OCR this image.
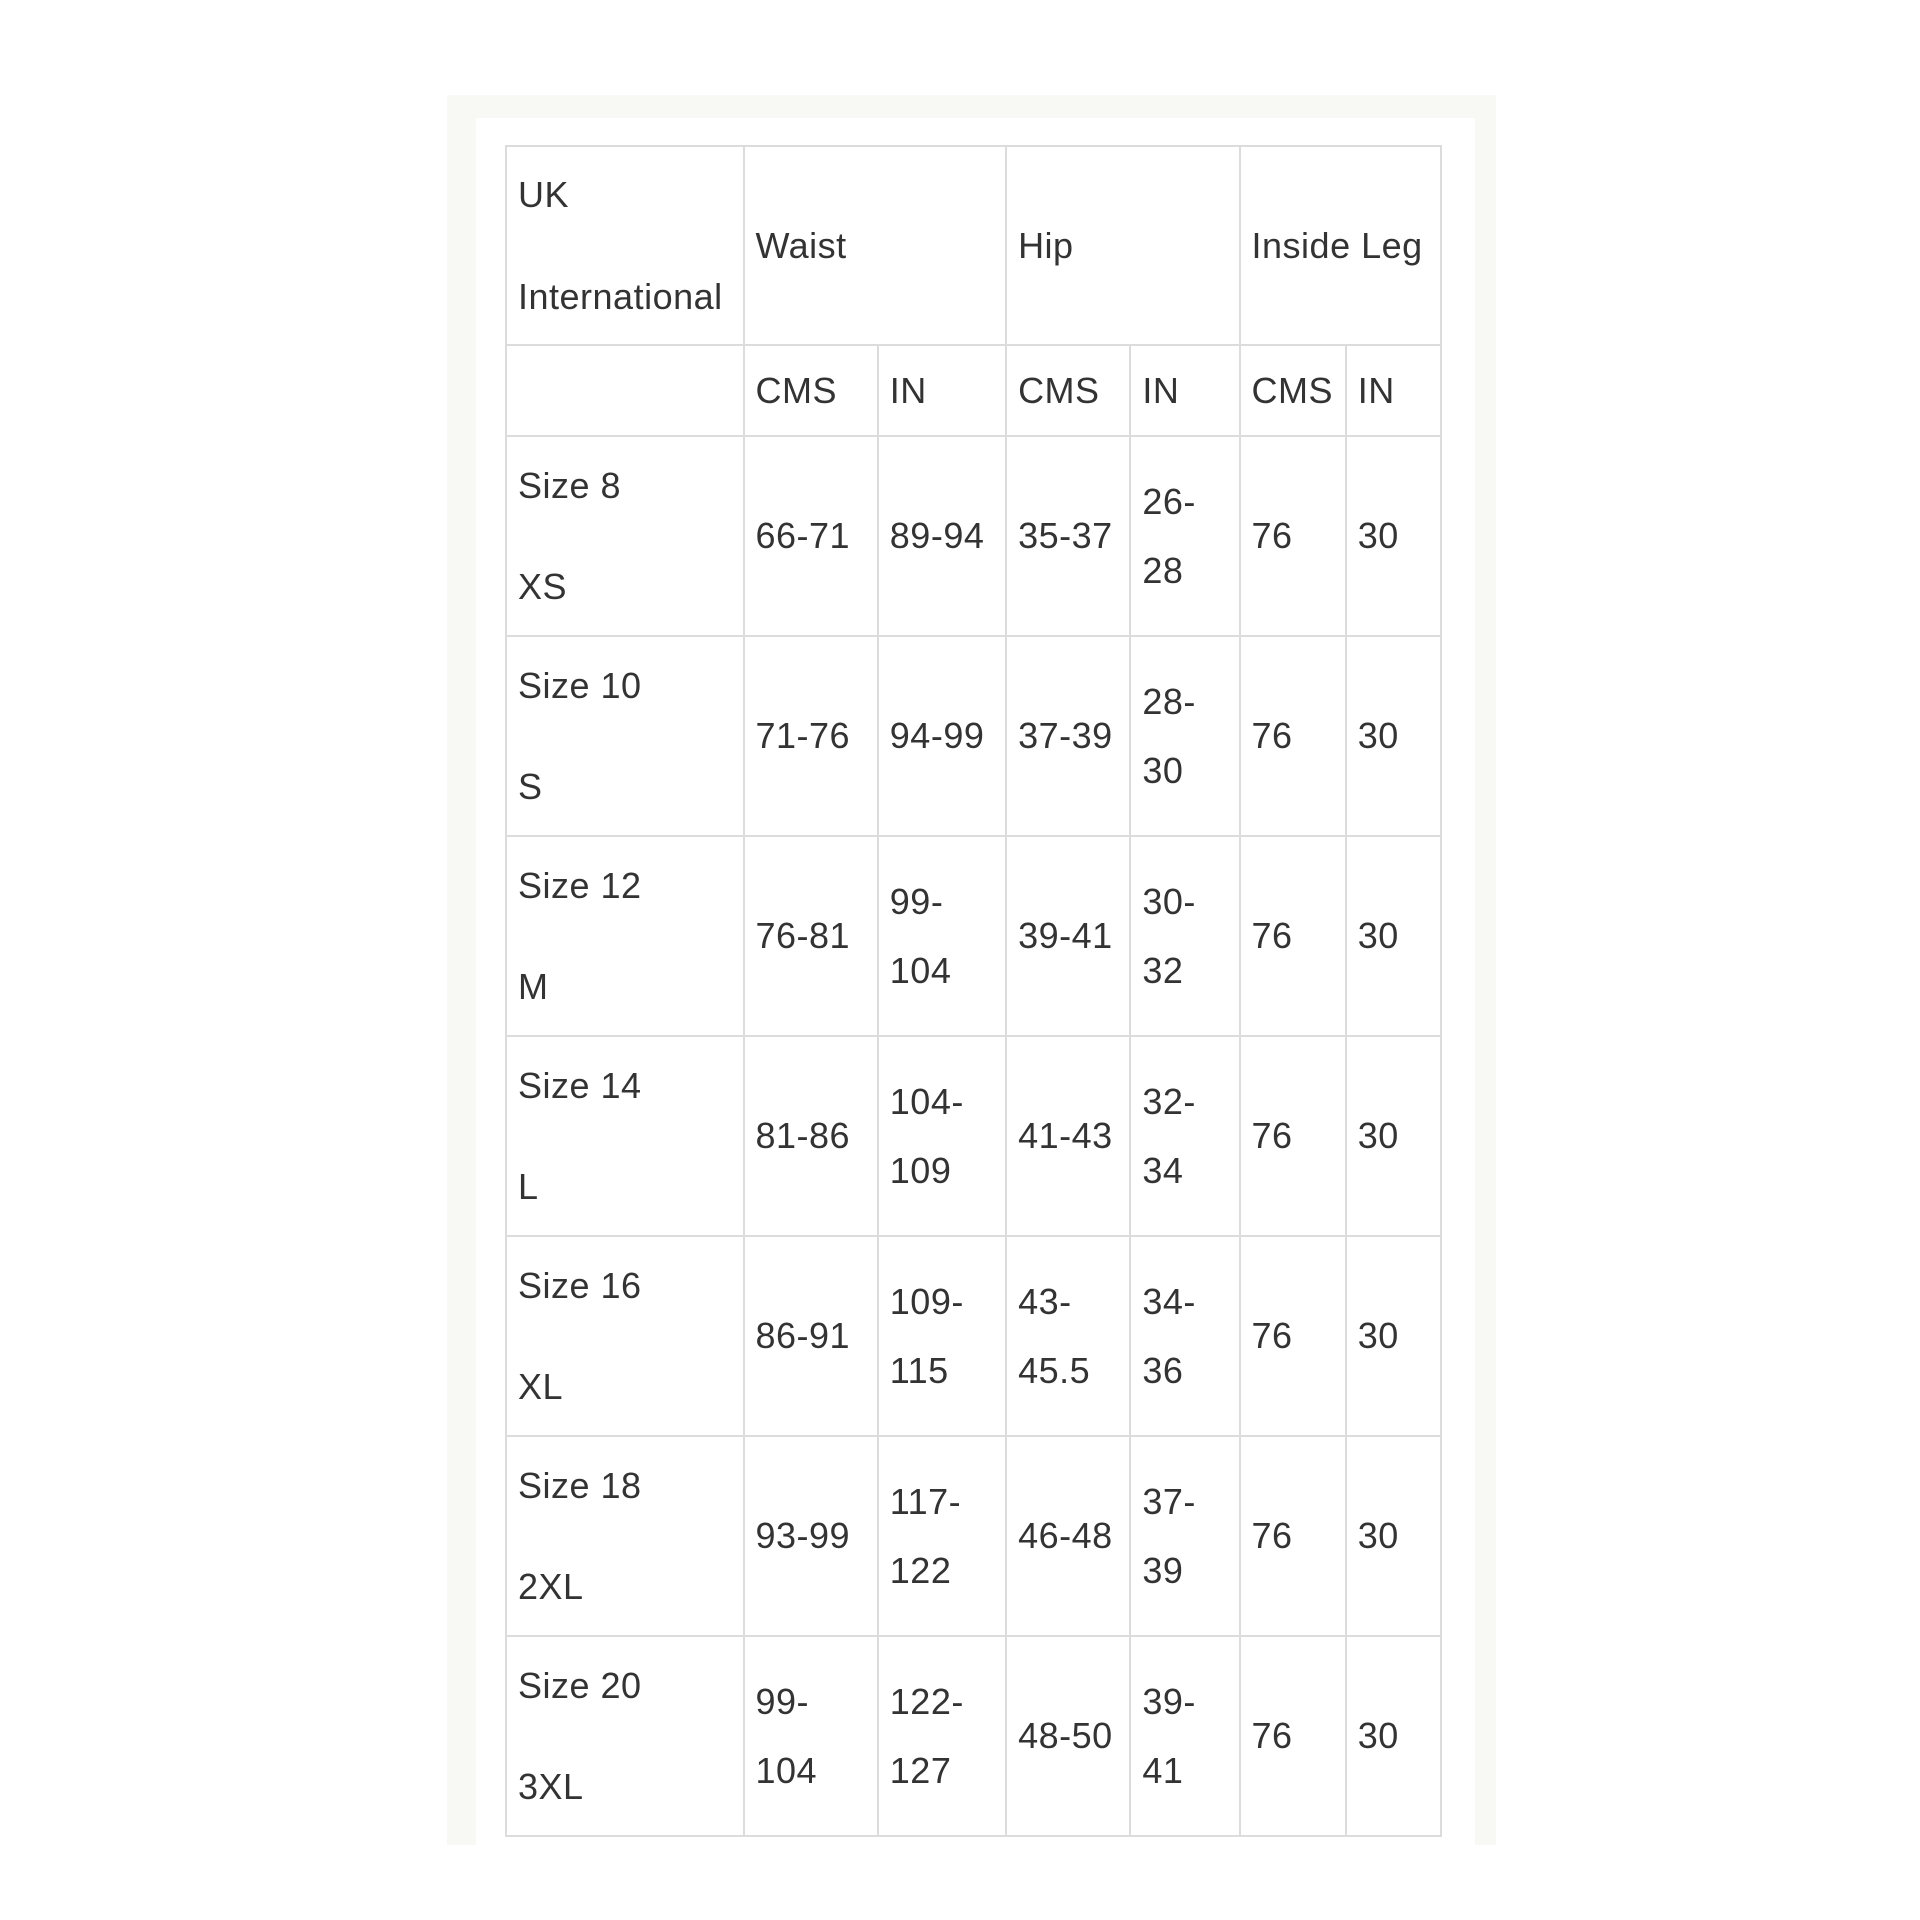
UK
International	Waist		Hip		Inside Leg	
	CMS	IN	CMS	IN	CMS	IN

Size 8
XS	66-71	89-94	35-37	26-28	76	30

Size 10
S	71-76	94-99	37-39	28-30	76	30

Size 12
M	76-81	99-104	39-41	30-32	76	30

Size 14
L	81-86	104-109	41-43	32-34	76	30

Size 16
XL	86-91	109-115	43-45.5	34-36	76	30

Size 18
2XL	93-99	117-122	46-48	37-39	76	30

Size 20
3XL	99-104	122-127	48-50	39-41	76	30
